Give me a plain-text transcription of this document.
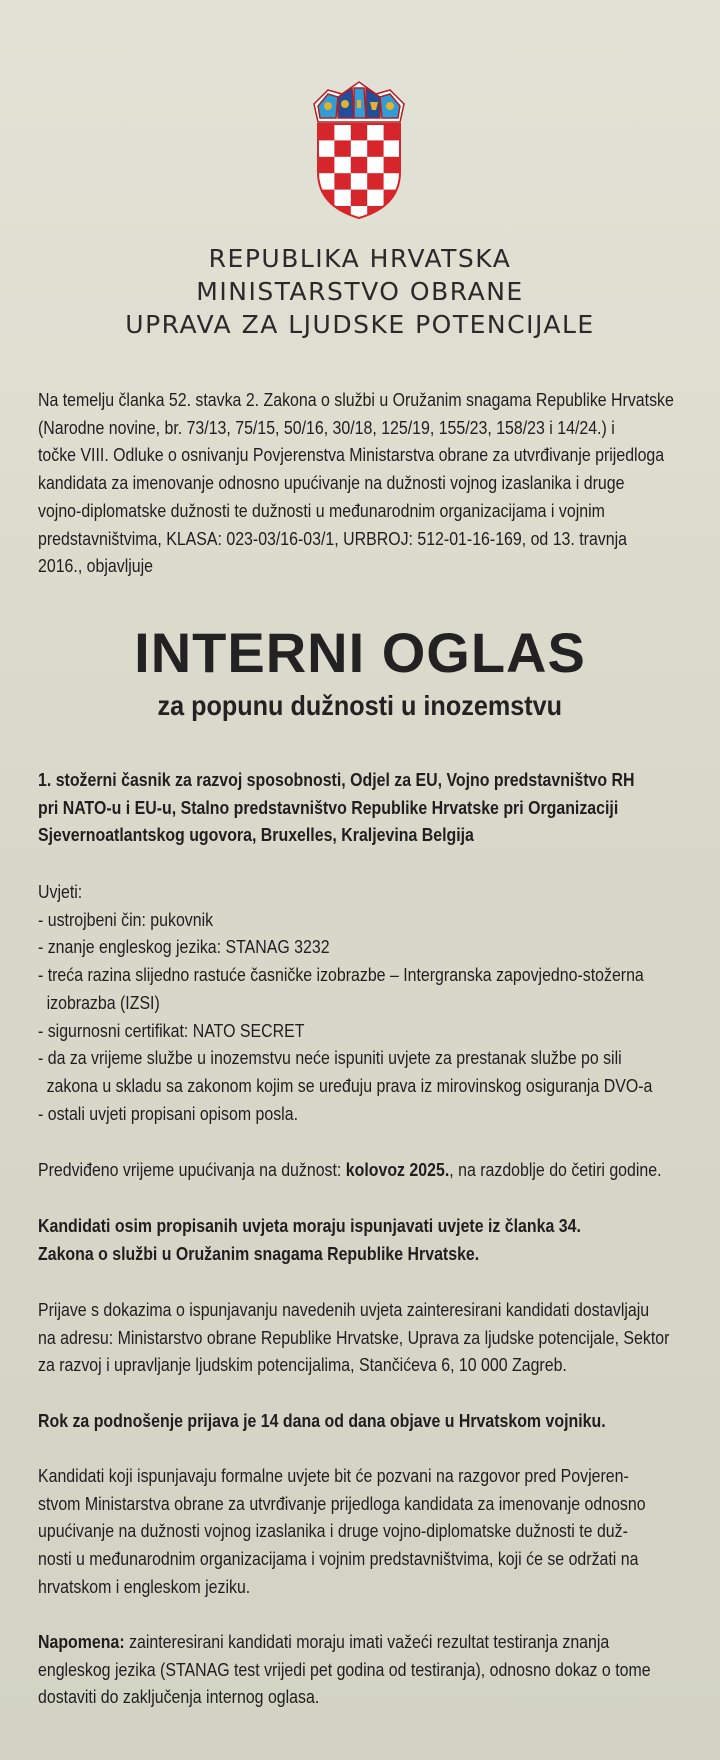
REPUBLIKA HRVATSKA
MINISTARSTVO OBRANE
UPRAVA ZA LJUDSKE POTENCIJALE
Na temelju članka 52. stavka 2. Zakona o službi u Oružanim snagama Republike Hrvatske
(Narodne novine, br. 73/13, 75/15, 50/16, 30/18, 125/19, 155/23, 158/23 i 14/24.) i
točke VIII. Odluke o osnivanju Povjerenstva Ministarstva obrane za utvrđivanje prijedloga
kandidata za imenovanje odnosno upućivanje na dužnosti vojnog izaslanika i druge
vojno-diplomatske dužnosti te dužnosti u međunarodnim organizacijama i vojnim
predstavništvima, KLASA: 023-03/16-03/1, URBROJ: 512-01-16-169, od 13. travnja
2016., objavljuje
INTERNI OGLAS
za popunu dužnosti u inozemstvu
1. stožerni časnik za razvoj sposobnosti, Odjel za EU, Vojno predstavništvo RH
pri NATO-u i EU-u, Stalno predstavništvo Republike Hrvatske pri Organizaciji
Sjevernoatlantskog ugovora, Bruxelles, Kraljevina Belgija
Uvjeti:
- ustrojbeni čin: pukovnik
- znanje engleskog jezika: STANAG 3232
- treća razina slijedno rastuće časničke izobrazbe – Intergranska zapovjedno-stožerna
izobrazba (IZSI)
- sigurnosni certifikat: NATO SECRET
- da za vrijeme službe u inozemstvu neće ispuniti uvjete za prestanak službe po sili
zakona u skladu sa zakonom kojim se uređuju prava iz mirovinskog osiguranja DVO-a
- ostali uvjeti propisani opisom posla.
Predviđeno vrijeme upućivanja na dužnost: kolovoz 2025., na razdoblje do četiri godine.
Kandidati osim propisanih uvjeta moraju ispunjavati uvjete iz članka 34.
Zakona o službi u Oružanim snagama Republike Hrvatske.
Prijave s dokazima o ispunjavanju navedenih uvjeta zainteresirani kandidati dostavljaju
na adresu: Ministarstvo obrane Republike Hrvatske, Uprava za ljudske potencijale, Sektor
za razvoj i upravljanje ljudskim potencijalima, Stančićeva 6, 10 000 Zagreb.
Rok za podnošenje prijava je 14 dana od dana objave u Hrvatskom vojniku.
Kandidati koji ispunjavaju formalne uvjete bit će pozvani na razgovor pred Povjeren-
stvom Ministarstva obrane za utvrđivanje prijedloga kandidata za imenovanje odnosno
upućivanje na dužnosti vojnog izaslanika i druge vojno-diplomatske dužnosti te duž-
nosti u međunarodnim organizacijama i vojnim predstavništvima, koji će se održati na
hrvatskom i engleskom jeziku.
Napomena: zainteresirani kandidati moraju imati važeći rezultat testiranja znanja
engleskog jezika (STANAG test vrijedi pet godina od testiranja), odnosno dokaz o tome
dostaviti do zaključenja internog oglasa.
